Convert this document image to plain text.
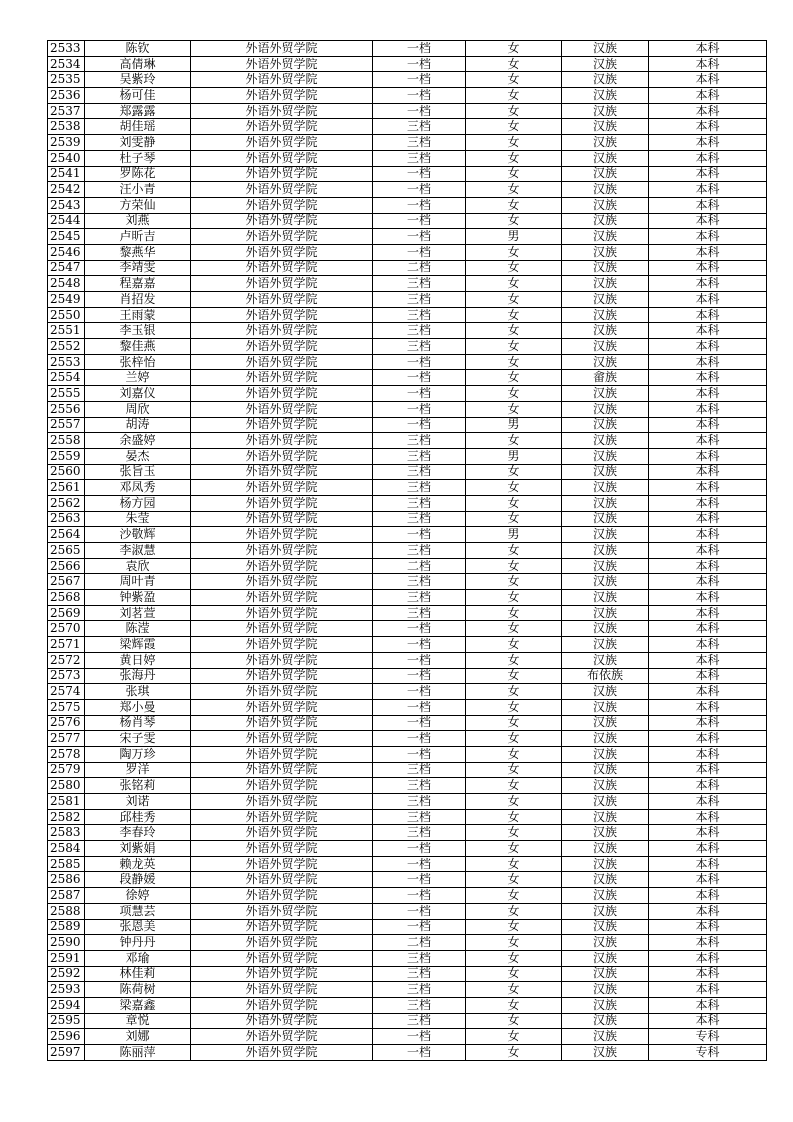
2533	陈钦	外语外贸学院	一档	女	汉族	本科
2534	高倩琳	外语外贸学院	一档	女	汉族	本科
2535	吴紫玲	外语外贸学院	一档	女	汉族	本科
2536	杨可佳	外语外贸学院	一档	女	汉族	本科
2537	郑露露	外语外贸学院	一档	女	汉族	本科
2538	胡佳瑶	外语外贸学院	三档	女	汉族	本科
2539	刘雯静	外语外贸学院	三档	女	汉族	本科
2540	杜子琴	外语外贸学院	三档	女	汉族	本科
2541	罗陈花	外语外贸学院	一档	女	汉族	本科
2542	汪小青	外语外贸学院	一档	女	汉族	本科
2543	方荣仙	外语外贸学院	一档	女	汉族	本科
2544	刘燕	外语外贸学院	一档	女	汉族	本科
2545	卢昕吉	外语外贸学院	一档	男	汉族	本科
2546	黎燕华	外语外贸学院	一档	女	汉族	本科
2547	李靖雯	外语外贸学院	二档	女	汉族	本科
2548	程嘉嘉	外语外贸学院	三档	女	汉族	本科
2549	肖招发	外语外贸学院	三档	女	汉族	本科
2550	王雨蒙	外语外贸学院	三档	女	汉族	本科
2551	李玉银	外语外贸学院	三档	女	汉族	本科
2552	黎佳燕	外语外贸学院	三档	女	汉族	本科
2553	张梓怡	外语外贸学院	一档	女	汉族	本科
2554	兰婷	外语外贸学院	一档	女	畲族	本科
2555	刘嘉仪	外语外贸学院	一档	女	汉族	本科
2556	周欣	外语外贸学院	一档	女	汉族	本科
2557	胡涛	外语外贸学院	一档	男	汉族	本科
2558	余盛婷	外语外贸学院	三档	女	汉族	本科
2559	晏杰	外语外贸学院	三档	男	汉族	本科
2560	张旨玉	外语外贸学院	三档	女	汉族	本科
2561	邓凤秀	外语外贸学院	三档	女	汉族	本科
2562	杨方园	外语外贸学院	三档	女	汉族	本科
2563	朱莹	外语外贸学院	三档	女	汉族	本科
2564	沙敬辉	外语外贸学院	一档	男	汉族	本科
2565	李淑慧	外语外贸学院	三档	女	汉族	本科
2566	袁欣	外语外贸学院	二档	女	汉族	本科
2567	周叶青	外语外贸学院	三档	女	汉族	本科
2568	钟紫盈	外语外贸学院	三档	女	汉族	本科
2569	刘茗萱	外语外贸学院	三档	女	汉族	本科
2570	陈滢	外语外贸学院	一档	女	汉族	本科
2571	梁辉霞	外语外贸学院	一档	女	汉族	本科
2572	黄日婷	外语外贸学院	一档	女	汉族	本科
2573	张海丹	外语外贸学院	一档	女	布依族	本科
2574	张琪	外语外贸学院	一档	女	汉族	本科
2575	郑小曼	外语外贸学院	一档	女	汉族	本科
2576	杨肖琴	外语外贸学院	一档	女	汉族	本科
2577	宋子雯	外语外贸学院	一档	女	汉族	本科
2578	陶万珍	外语外贸学院	一档	女	汉族	本科
2579	罗洋	外语外贸学院	三档	女	汉族	本科
2580	张铭莉	外语外贸学院	三档	女	汉族	本科
2581	刘诺	外语外贸学院	三档	女	汉族	本科
2582	邱桂秀	外语外贸学院	三档	女	汉族	本科
2583	李春玲	外语外贸学院	三档	女	汉族	本科
2584	刘紫娟	外语外贸学院	一档	女	汉族	本科
2585	赖龙英	外语外贸学院	一档	女	汉族	本科
2586	段静媛	外语外贸学院	一档	女	汉族	本科
2587	徐婷	外语外贸学院	一档	女	汉族	本科
2588	项慧芸	外语外贸学院	一档	女	汉族	本科
2589	张恩美	外语外贸学院	一档	女	汉族	本科
2590	钟丹丹	外语外贸学院	二档	女	汉族	本科
2591	邓瑜	外语外贸学院	三档	女	汉族	本科
2592	林佳莉	外语外贸学院	三档	女	汉族	本科
2593	陈荷树	外语外贸学院	三档	女	汉族	本科
2594	梁嘉鑫	外语外贸学院	三档	女	汉族	本科
2595	章悦	外语外贸学院	三档	女	汉族	本科
2596	刘娜	外语外贸学院	一档	女	汉族	专科
2597	陈丽萍	外语外贸学院	一档	女	汉族	专科
